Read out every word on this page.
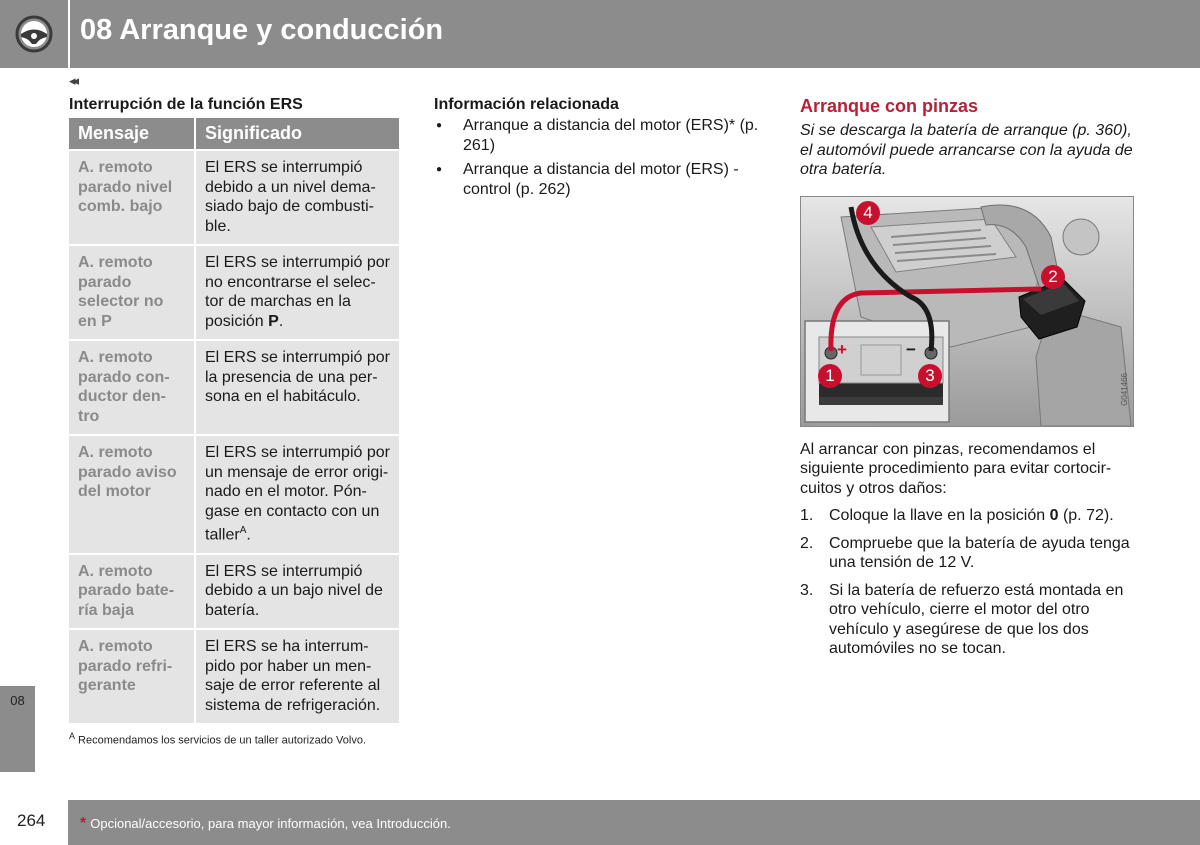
08 Arranque y conducción
◂◂
Interrupción de la función ERS
Mensaje	Significado
A. remoto
parado nivel
comb. bajo	El ERS se interrumpió debido a un nivel dema-siado bajo de combusti-ble.
A. remoto
parado
selector no
en P	El ERS se interrumpió por no encontrarse el selec-tor de marchas en la posición P.
A. remoto
parado con-
ductor den-
tro	El ERS se interrumpió por la presencia de una per-sona en el habitáculo.
A. remoto
parado aviso
del motor	El ERS se interrumpió por un mensaje de error origi-nado en el motor. Pón-gase en contacto con un taller$^A$.
A. remoto
parado bate-
ría baja	El ERS se interrumpió debido a un bajo nivel de batería.
A. remoto
parado refri-
gerante	El ERS se ha interrum-pido por haber un men-saje de error referente al sistema de refrigeración.
$^A$ Recomendamos los servicios de un taller autorizado Volvo.
Información relacionada
● Arranque a distancia del motor (ERS)* (p. 261)
● Arranque a distancia del motor (ERS) - control (p. 262)
Arranque con pinzas
Si se descarga la batería de arranque (p. 360), el automóvil puede arrancarse con la ayuda de otra batería.
+	−
1
2
3
4
G041466
Al arrancar con pinzas, recomendamos el siguiente procedimiento para evitar cortocir-cuitos y otros daños:
1. Coloque la llave en la posición 0 (p. 72).
2. Compruebe que la batería de ayuda tenga una tensión de 12 V.
3. Si la batería de refuerzo está montada en otro vehículo, cierre el motor del otro vehículo y asegúrese de que los dos automóviles no se tocan.
08
264 * Opcional/accesorio, para mayor información, vea Introducción.
